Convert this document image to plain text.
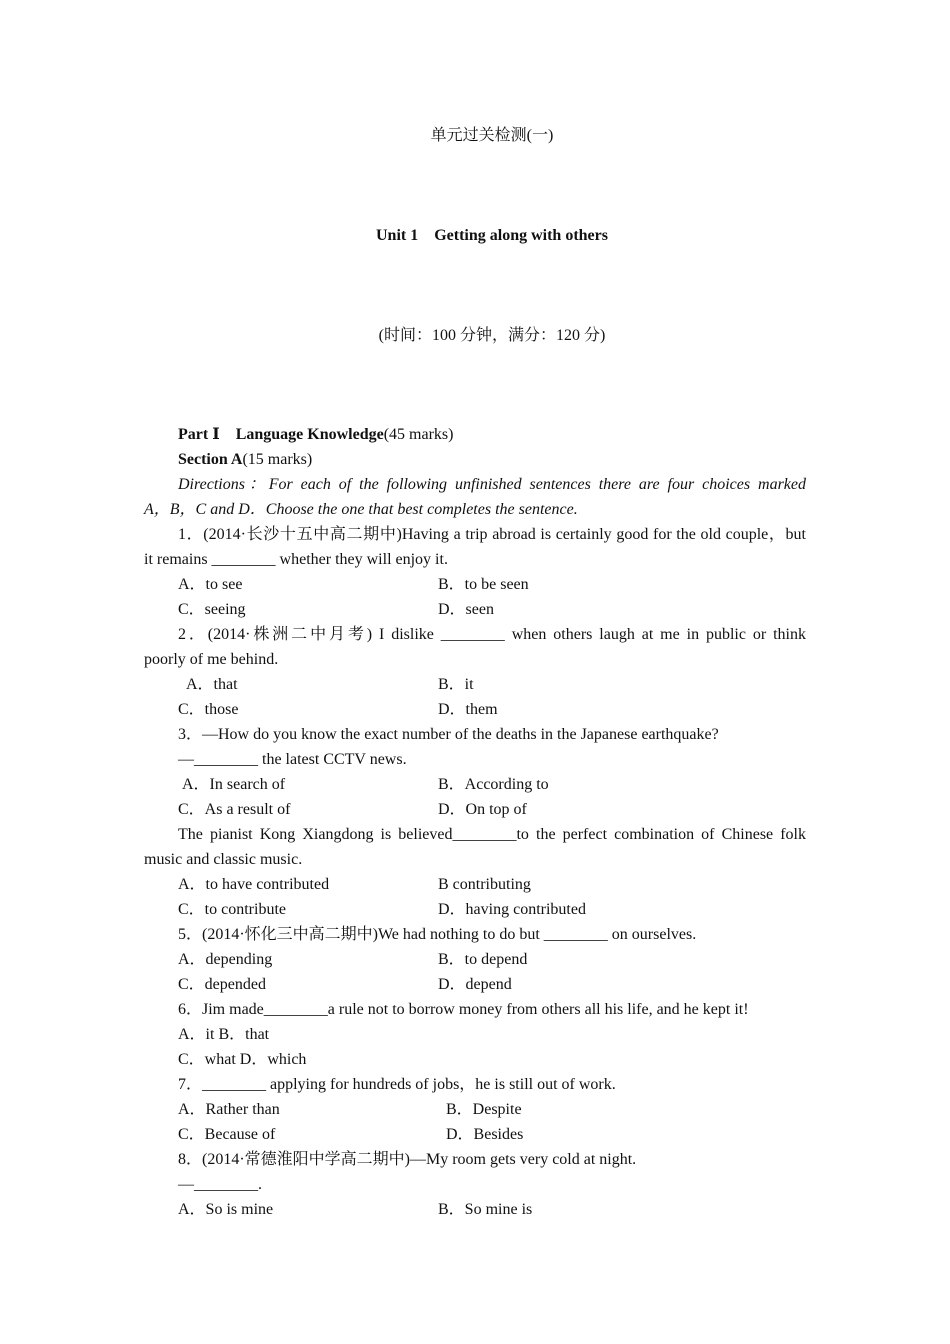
单元过关检测(一)
Unit 1　Getting along with others
(时间：100 分钟，满分：120 分)
Part Ⅰ　Language Knowledge(45 marks)
Section A(15 marks)
Directions：For each of the following unfinished sentences there are four choices marked
A，B，C and D．Choose the one that best completes the sentence.
1．(2014·长沙十五中高二期中)Having a trip abroad is certainly good for the old couple，but
it remains ________ whether they will enjoy it.
A．to see	B．to be seen
C．seeing	D．seen
2．(2014·株洲二中月考) I dislike ________ when others laugh at me in public or think
poorly of me behind.
A．that	B．it
C．those	D．them
3．—How do you know the exact number of the deaths in the Japanese earthquake?
—________ the latest CCTV news.
A．In search of	B．According to
C．As a result of	D．On top of
The pianist Kong Xiangdong is believed________to the perfect combination of Chinese folk
music and classic music.
A．to have contributed	B contributing
C．to contribute	D．having contributed
5．(2014·怀化三中高二期中)We had nothing to do but ________ on ourselves.
A．depending	B．to depend
C．depended	D．depend
6．Jim made________a rule not to borrow money from others all his life, and he kept it!
A．it B．that
C．what D．which
7．________ applying for hundreds of jobs，he is still out of work.
A．Rather than	B．Despite
C．Because of	D．Besides
8．(2014·常德淮阳中学高二期中)—My room gets very cold at night.
—________.
A．So is mine	B．So mine is
